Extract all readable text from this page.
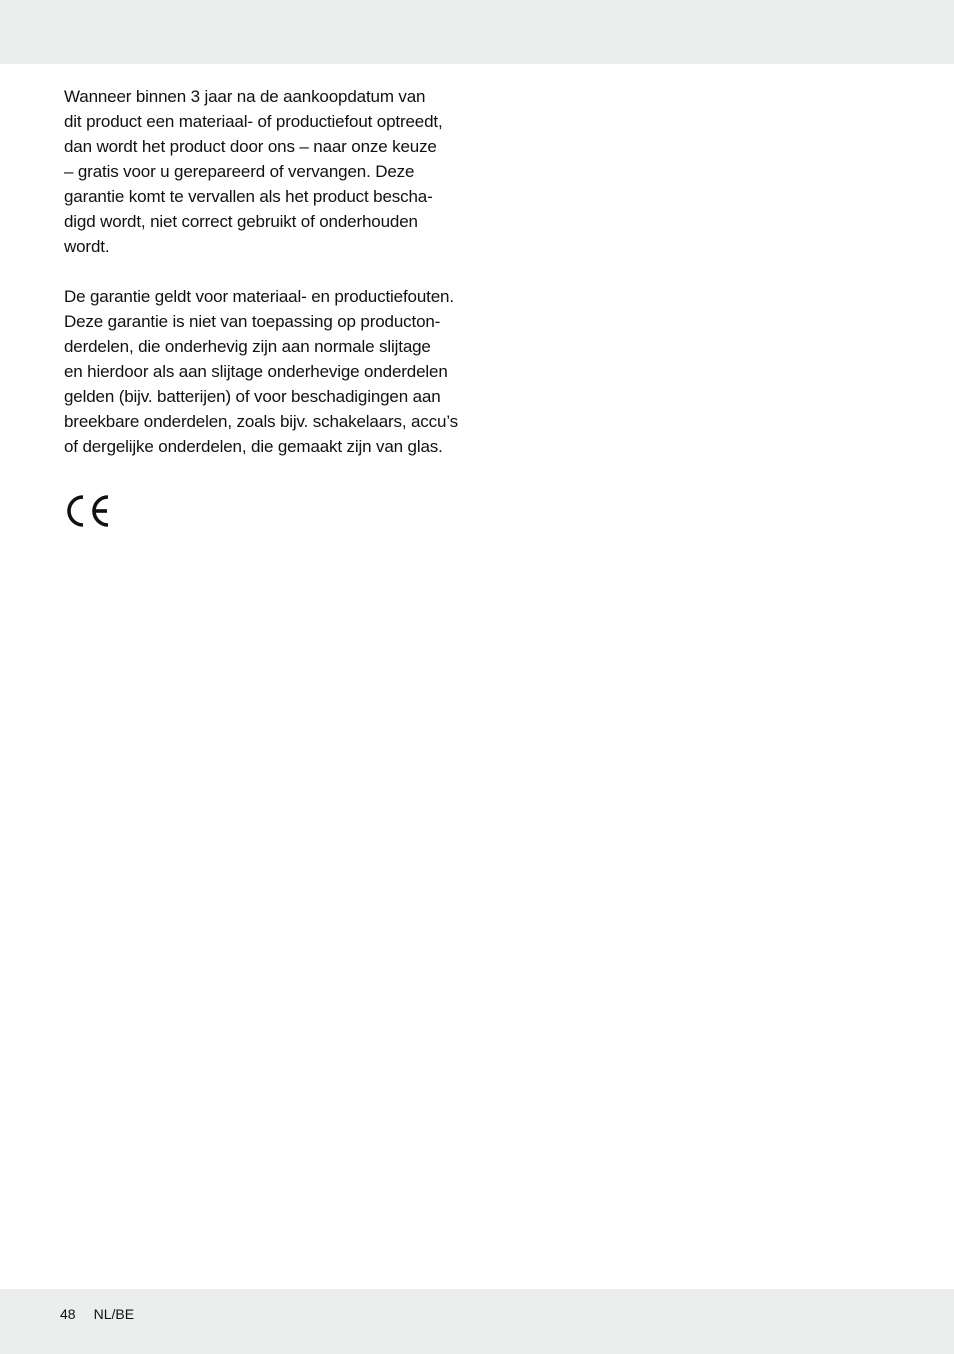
Wanneer binnen 3 jaar na de aankoopdatum van
dit product een materiaal- of productiefout optreedt,
dan wordt het product door ons – naar onze keuze
– gratis voor u gerepareerd of vervangen. Deze
garantie komt te vervallen als het product bescha-
digd wordt, niet correct gebruikt of onderhouden
wordt.

De garantie geldt voor materiaal- en productiefouten.
Deze garantie is niet van toepassing op producton-
derdelen, die onderhevig zijn aan normale slijtage
en hierdoor als aan slijtage onderhevige onderdelen
gelden (bijv. batterijen) of voor beschadigingen aan
breekbare onderdelen, zoals bijv. schakelaars, accu’s
of dergelijke onderdelen, die gemaakt zijn van glas.

48 NL/BE
